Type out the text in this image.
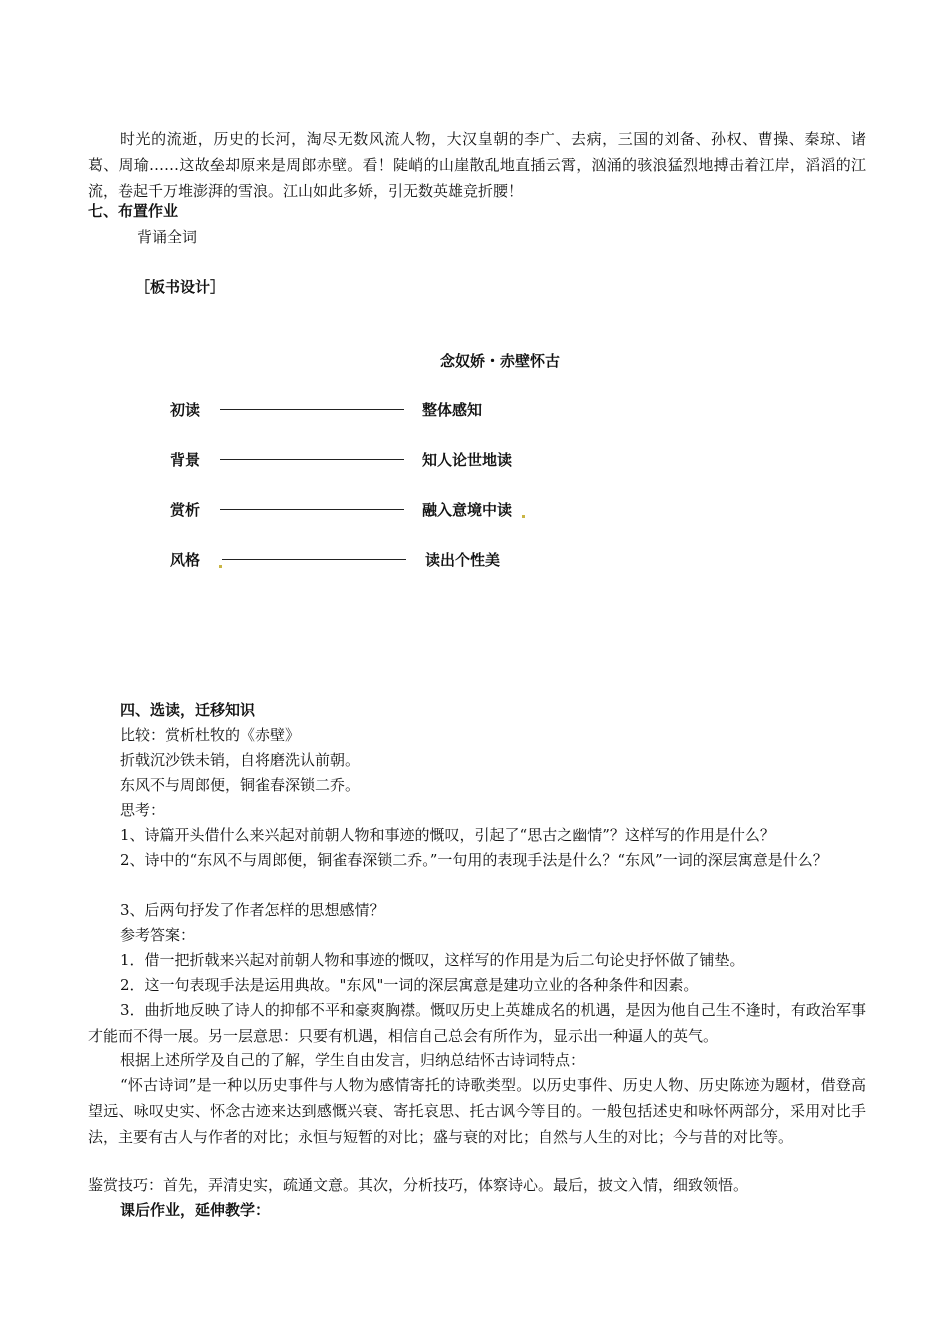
时光的流逝，历史的长河，淘尽无数风流人物，大汉皇朝的李广、去病，三国的刘备、孙权、曹操、秦琼、诸葛、周瑜……这故垒却原来是周郎赤壁。看！陡峭的山崖散乱地直插云霄，汹涌的骇浪猛烈地搏击着江岸，滔滔的江流，卷起千万堆澎湃的雪浪。江山如此多娇，引无数英雄竞折腰！

七、布置作业

背诵全词

［板书设计］

念奴娇・赤壁怀古
初读	整体感知
背景	知人论世地读
赏析	融入意境中读
风格	读出个性美

四、选读，迁移知识

比较：赏析杜牧的《赤壁》

折戟沉沙铁未销，自将磨洗认前朝。

东风不与周郎便，铜雀春深锁二乔。

思考：

1、诗篇开头借什么来兴起对前朝人物和事迹的慨叹，引起了“思古之幽情”？这样写的作用是什么？

2、诗中的“东风不与周郎便，铜雀春深锁二乔。”一句用的表现手法是什么？“东风”一词的深层寓意是什么？

3、后两句抒发了作者怎样的思想感情？

参考答案：

1．借一把折戟来兴起对前朝人物和事迹的慨叹，这样写的作用是为后二句论史抒怀做了铺垫。

2．这一句表现手法是运用典故。"东风"一词的深层寓意是建功立业的各种条件和因素。

3．曲折地反映了诗人的抑郁不平和豪爽胸襟。慨叹历史上英雄成名的机遇，是因为他自己生不逢时，有政治军事才能而不得一展。另一层意思：只要有机遇，相信自己总会有所作为，显示出一种逼人的英气。

根据上述所学及自己的了解，学生自由发言，归纳总结怀古诗词特点：

“怀古诗词”是一种以历史事件与人物为感情寄托的诗歌类型。以历史事件、历史人物、历史陈迹为题材，借登高望远、咏叹史实、怀念古迹来达到感慨兴衰、寄托哀思、托古讽今等目的。一般包括述史和咏怀两部分，采用对比手法，主要有古人与作者的对比；永恒与短暂的对比；盛与衰的对比；自然与人生的对比；今与昔的对比等。

鉴赏技巧：首先，弄清史实，疏通文意。其次，分析技巧，体察诗心。最后，披文入情，细致领悟。

课后作业，延伸教学：
